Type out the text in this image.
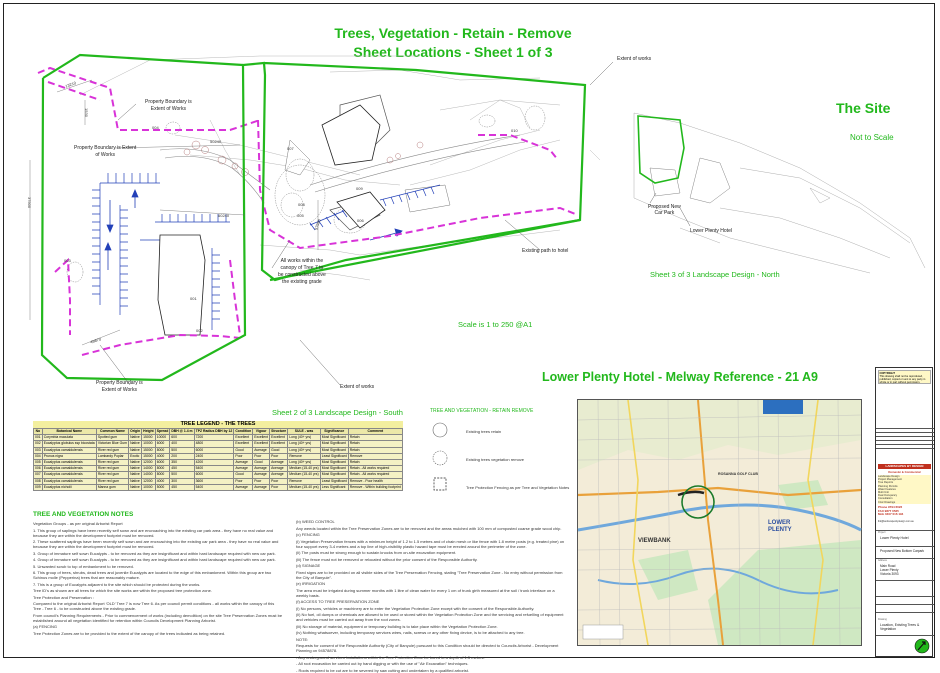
Trees, Vegetation - Retain - Remove
Sheet Locations - Sheet 1 of 3	Extent of works
Extent of works
Property Boundary is
Extent of Works
Property Boundary is Extent
of Works
Property Boundary is
Extent of Works
Existing path to hotel
All works within the
canopy of Tree 7 to
be constructed above
the existing grade
13210
1530
50240
60240
37500
49870
57990
001
002
003
004
005
006
007
008
009
010
The Site
Not to Scale
Proposed New
Car Park
Lower Plenty Hotel
Sheet 3 of 3 Landscape Design - North
Sheet 2 of 3 Landscape Design - South
Scale is 1 to 250 @A1
Lower Plenty Hotel - Melway Reference - 21 A9
TREE AND VEGETATION - RETAIN REMOVE
Existing trees retain
Existing trees vegetation remove
Tree Protection Fencing as per Tree and Vegetation Notes
TREE LEGEND - THE TREES
No	Botanical Name	Common Name	Origin	Height	Spread	DBH @ 1.4 m	TPZ Radius DBH by 12	Condition	Vigour	Structure	SULE - was	Significance	Comment
001	Corymbia maculata	Spotted gum	Native	15000	10000	600	7200	Excellent	Excellent	Excellent	Long (40+ yrs)	Most Significant	Retain
002	Eucalyptus globulus ssp bicostata	Victorian Blue Gum	Native	10000	6000	400	4800	Excellent	Excellent	Excellent	Long (40+ yrs)	Most Significant	Retain
003	Eucalyptus camaldulensis	River red gum	Native	15000	8000	500	6000	Good	Average	Good	Long (40+ yrs)	Most Significant	Retain
004	Prunus nigra	Lombardy Poplar	Exotic	15000	4000	200	2400	Poor	Poor	Poor	Remove	Least Significant	Remove
005	Eucalyptus camaldulensis	River red gum	Native	12000	6000	350	4200	Average	Good	Average	Long (40+ yrs)	Most Significant	Retain
006	Eucalyptus camaldulensis	River red gum	Native	14000	8000	450	5400	Average	Average	Average	Medium (15-40 yrs)	Most Significant	Retain - All works required
007	Eucalyptus camaldulensis	River red gum	Native	14000	8000	500	6000	Good	Average	Average	Medium (15-40 yrs)	Most Significant	Retain - All works required
008	Eucalyptus camaldulensis	River red gum	Native	12000	4000	300	3600	Poor	Poor	Poor	Remove	Least Significant	Remove - Poor health
009	Eucalyptus nicholii	Manna gum	Native	10000	5000	450	5400	Average	Average	Poor	Medium (15-40 yrs)	Less Significant	Remove - Within building footprint
TREE AND VEGETATION NOTES
Vegetation Groups - as per original Arborist Report
1. This group of saplings have been recently self sown and are encroaching into the existing car park area - they have no real value and because they are within the development footprint must be removed.
2. These scattered saplings have been recently self sown and are encroaching into the existing car park area - they have no real value and because they are within the development footprint must be removed.
3. Group of immature self sown Eucalypts - to be removed as they are insignificant and within hard landscape required with new car park.
4. Group of immature self sown Eucalypts - to be removed as they are insignificant and within hard landscape required with new car park.
5. Unwanted scrub to top of embankment to be removed.
6. This group of trees, shrubs, dead trees and juvenile Eucalypts are located to the edge of this embankment. Within this group are two Schinus molle (Pepperina) trees that are reasonably mature.
7. This is a group of Eucalypts adjacent to the site which should be protected during the works.
Tree ID's as shown are all trees for which the site works are within the proposed tree protection zone.
Tree Protection and Preservation :
Compared to the original Arborist Report 'OLD' Tree 7 is now Tree 6. As per council permit conditions - all works within the canopy of this Tree - Tree 6 - to be constructed above the existing grade.
From council's Planning Requirements - Prior to commencement of works (including demolition) on the site Tree Preservation Zones must be established around all vegetation identified for retention within Councils Development Planning Arborist.
(a) FENCING
Tree Protection Zones are to be provided to the extent of the canopy of the trees indicated as being retained.
(b) WEED CONTROL
Any weeds located within the Tree Preservation Zones are to be removed and the areas mulched with 100 mm of composted coarse grade wood chip.
(c) FENCING
(i) Vegetation Preservation fences with a minimum height of 1.2 to 1.5 metres and of chain mesh or like fence with 1.8 metre posts (e.g. treated pine) on four support every 3-4 metres and a top line of high-visibility plastic hazard tape must be erected around the perimeter of the zone.
(ii) The posts must be strong enough to sustain knocks from on-site excavation equipment.
(iii) The fence must not be removed or relocated without the prior consent of the Responsible Authority.
(d) SIGNAGE
Fixed signs are to be provided on all visible sides of the Tree Preservation Fencing, stating "Tree Preservation Zone - No entry without permission from the City of Banyule".
(e) IRRIGATION
The area must be irrigated during summer months with 1 litre of clean water for every 1 cm of trunk girth measured at the soil / trunk interface on a weekly basis.
(f) ACCESS TO TREE PRESERVATION ZONE
(i) No persons, vehicles or machinery are to enter the Vegetation Protection Zone except with the consent of the Responsible Authority.
(ii) No fuel, oil dumps or chemicals are allowed to be used or stored within the Vegetation Protection Zone and the servicing and refuelling of equipment and vehicles must be carried out away from the root zones.
(iii) No storage of material, equipment or temporary building is to take place within the Vegetation Protection Zone.
(iv) Nothing whatsoever, including temporary services wires, nails, screws or any other fixing device, is to be attached to any tree.
NOTE:
Requests for consent of the Responsible Authority (City of Banyule) pursuant to this Condition should be directed to Councils Arborist - Development Planning on 94578878.
- Any underground services installations within the Tree Protection Zone be bored to a depth of 1.5 metres.
- All root excavation be carried out by hand digging or with the use of "Air Excavation" techniques.
- Roots required to be cut are to be severed by saw cutting and undertaken by a qualified arborist.
VIEWBANK
ROSANNA GOLF CLUB
LOWER
PLENTY
COPYRIGHT
This drawing shall not be reproduced, published, copied or sent to any party in whole or in part without permission.
LANDSCAPES BY DESIGN
Domestic & Commercial
Landscape Design
Project Management
Tree Reports
Planning Permits
Water Features
Multi Unit
Dual Occupancy
Consultation
Civic Drawings
Phone 9794 6022
FAX 9877 0525
Mob 0407 016 194
lbd@landscapesbydesign.com.au
Project
Lower Plenty Hotel
Proposed New Bottom Carpark
Address
Main Road
Lower Plenty
Victoria 3093
Drawing
Location, Existing Trees &
Vegetation
